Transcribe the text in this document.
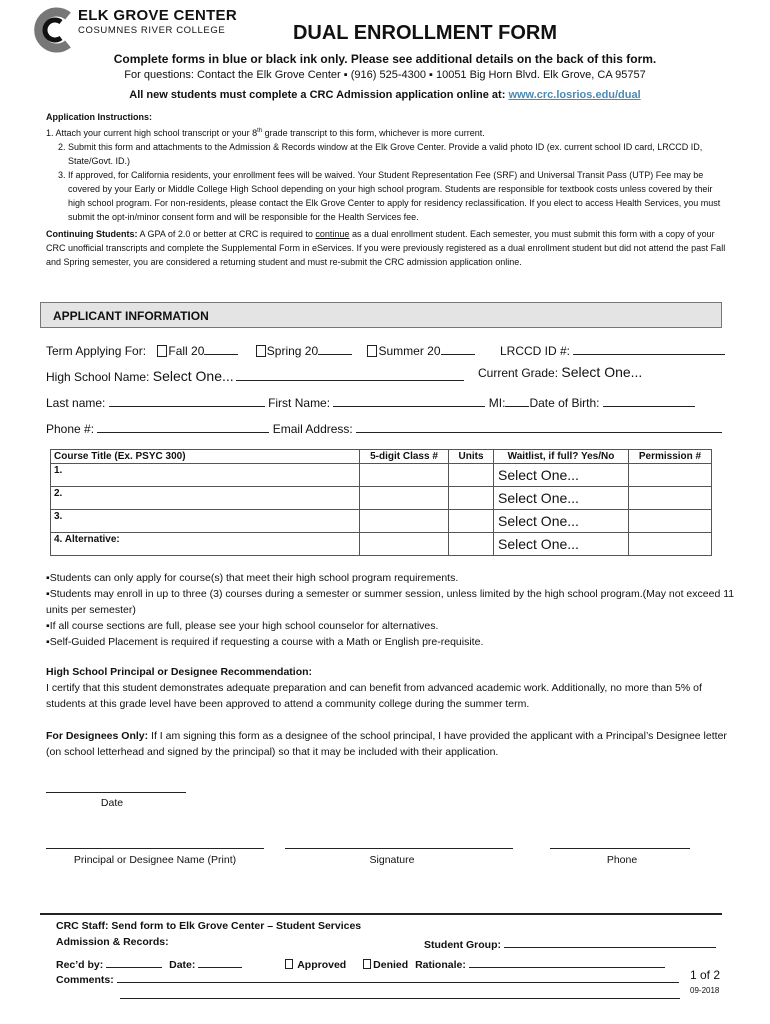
ELK GROVE CENTER
COSUMNES RIVER COLLEGE	DUAL ENROLLMENT FORM
Complete forms in blue or black ink only. Please see additional details on the back of this form.
For questions: Contact the Elk Grove Center ▪ (916) 525-4300 ▪ 10051 Big Horn Blvd. Elk Grove, CA 95757
All new students must complete a CRC Admission application online at: www.crc.losrios.edu/dual
Application Instructions:
1. Attach your current high school transcript or your 8th grade transcript to this form, whichever is more current.
2. Submit this form and attachments to the Admission & Records window at the Elk Grove Center. Provide a valid photo ID (ex. current school ID card, LRCCD ID, State/Govt. ID.)
3. If approved, for California residents, your enrollment fees will be waived. Your Student Representation Fee (SRF) and Universal Transit Pass (UTP) Fee may be covered by your Early or Middle College High School depending on your high school program. Students are responsible for textbook costs unless covered by their high school program. For non-residents, please contact the Elk Grove Center to apply for residency reclassification. If you elect to access Health Services, you must submit the opt-in/minor consent form and will be responsible for the Health Services fee.
Continuing Students: A GPA of 2.0 or better at CRC is required to continue as a dual enrollment student. Each semester, you must submit this form with a copy of your CRC unofficial transcripts and complete the Supplemental Form in eServices. If you were previously registered as a dual enrollment student but did not attend the past Fall and Spring semester, you are considered a returning student and must re-submit the CRC admission application online.
APPLICANT INFORMATION
Term Applying For: Fall 20	Spring 20	Summer 20	LRCCD ID #:
High School Name: Select One...	Current Grade: Select One...
Last name:	First Name:	MI: Date of Birth:
Phone #:	Email Address:
Course Title (Ex. PSYC 300)	5-digit Class #	Units	Waitlist, if full? Yes/No	Permission #
1.			Select One...	
2.			Select One...	
3.			Select One...	
4. Alternative:			Select One...	
▪Students can only apply for course(s) that meet their high school program requirements.
▪Students may enroll in up to three (3) courses during a semester or summer session, unless limited by the high school program.(May not exceed 11 units per semester)
▪If all course sections are full, please see your high school counselor for alternatives.
▪Self-Guided Placement is required if requesting a course with a Math or English pre-requisite.
High School Principal or Designee Recommendation:
I certify that this student demonstrates adequate preparation and can benefit from advanced academic work. Additionally, no more than 5% of students at this grade level have been approved to attend a community college during the summer term.
For Designees Only: If I am signing this form as a designee of the school principal, I have provided the applicant with a Principal’s Designee letter (on school letterhead and signed by the principal) so that it may be included with their application.
Date
Principal or Designee Name (Print)	Signature	Phone
CRC Staff: Send form to Elk Grove Center – Student Services
Admission & Records:	Student Group:
Rec’d by:	Date:	Approved	Denied Rationale:
Comments:	1 of 2
09-2018
